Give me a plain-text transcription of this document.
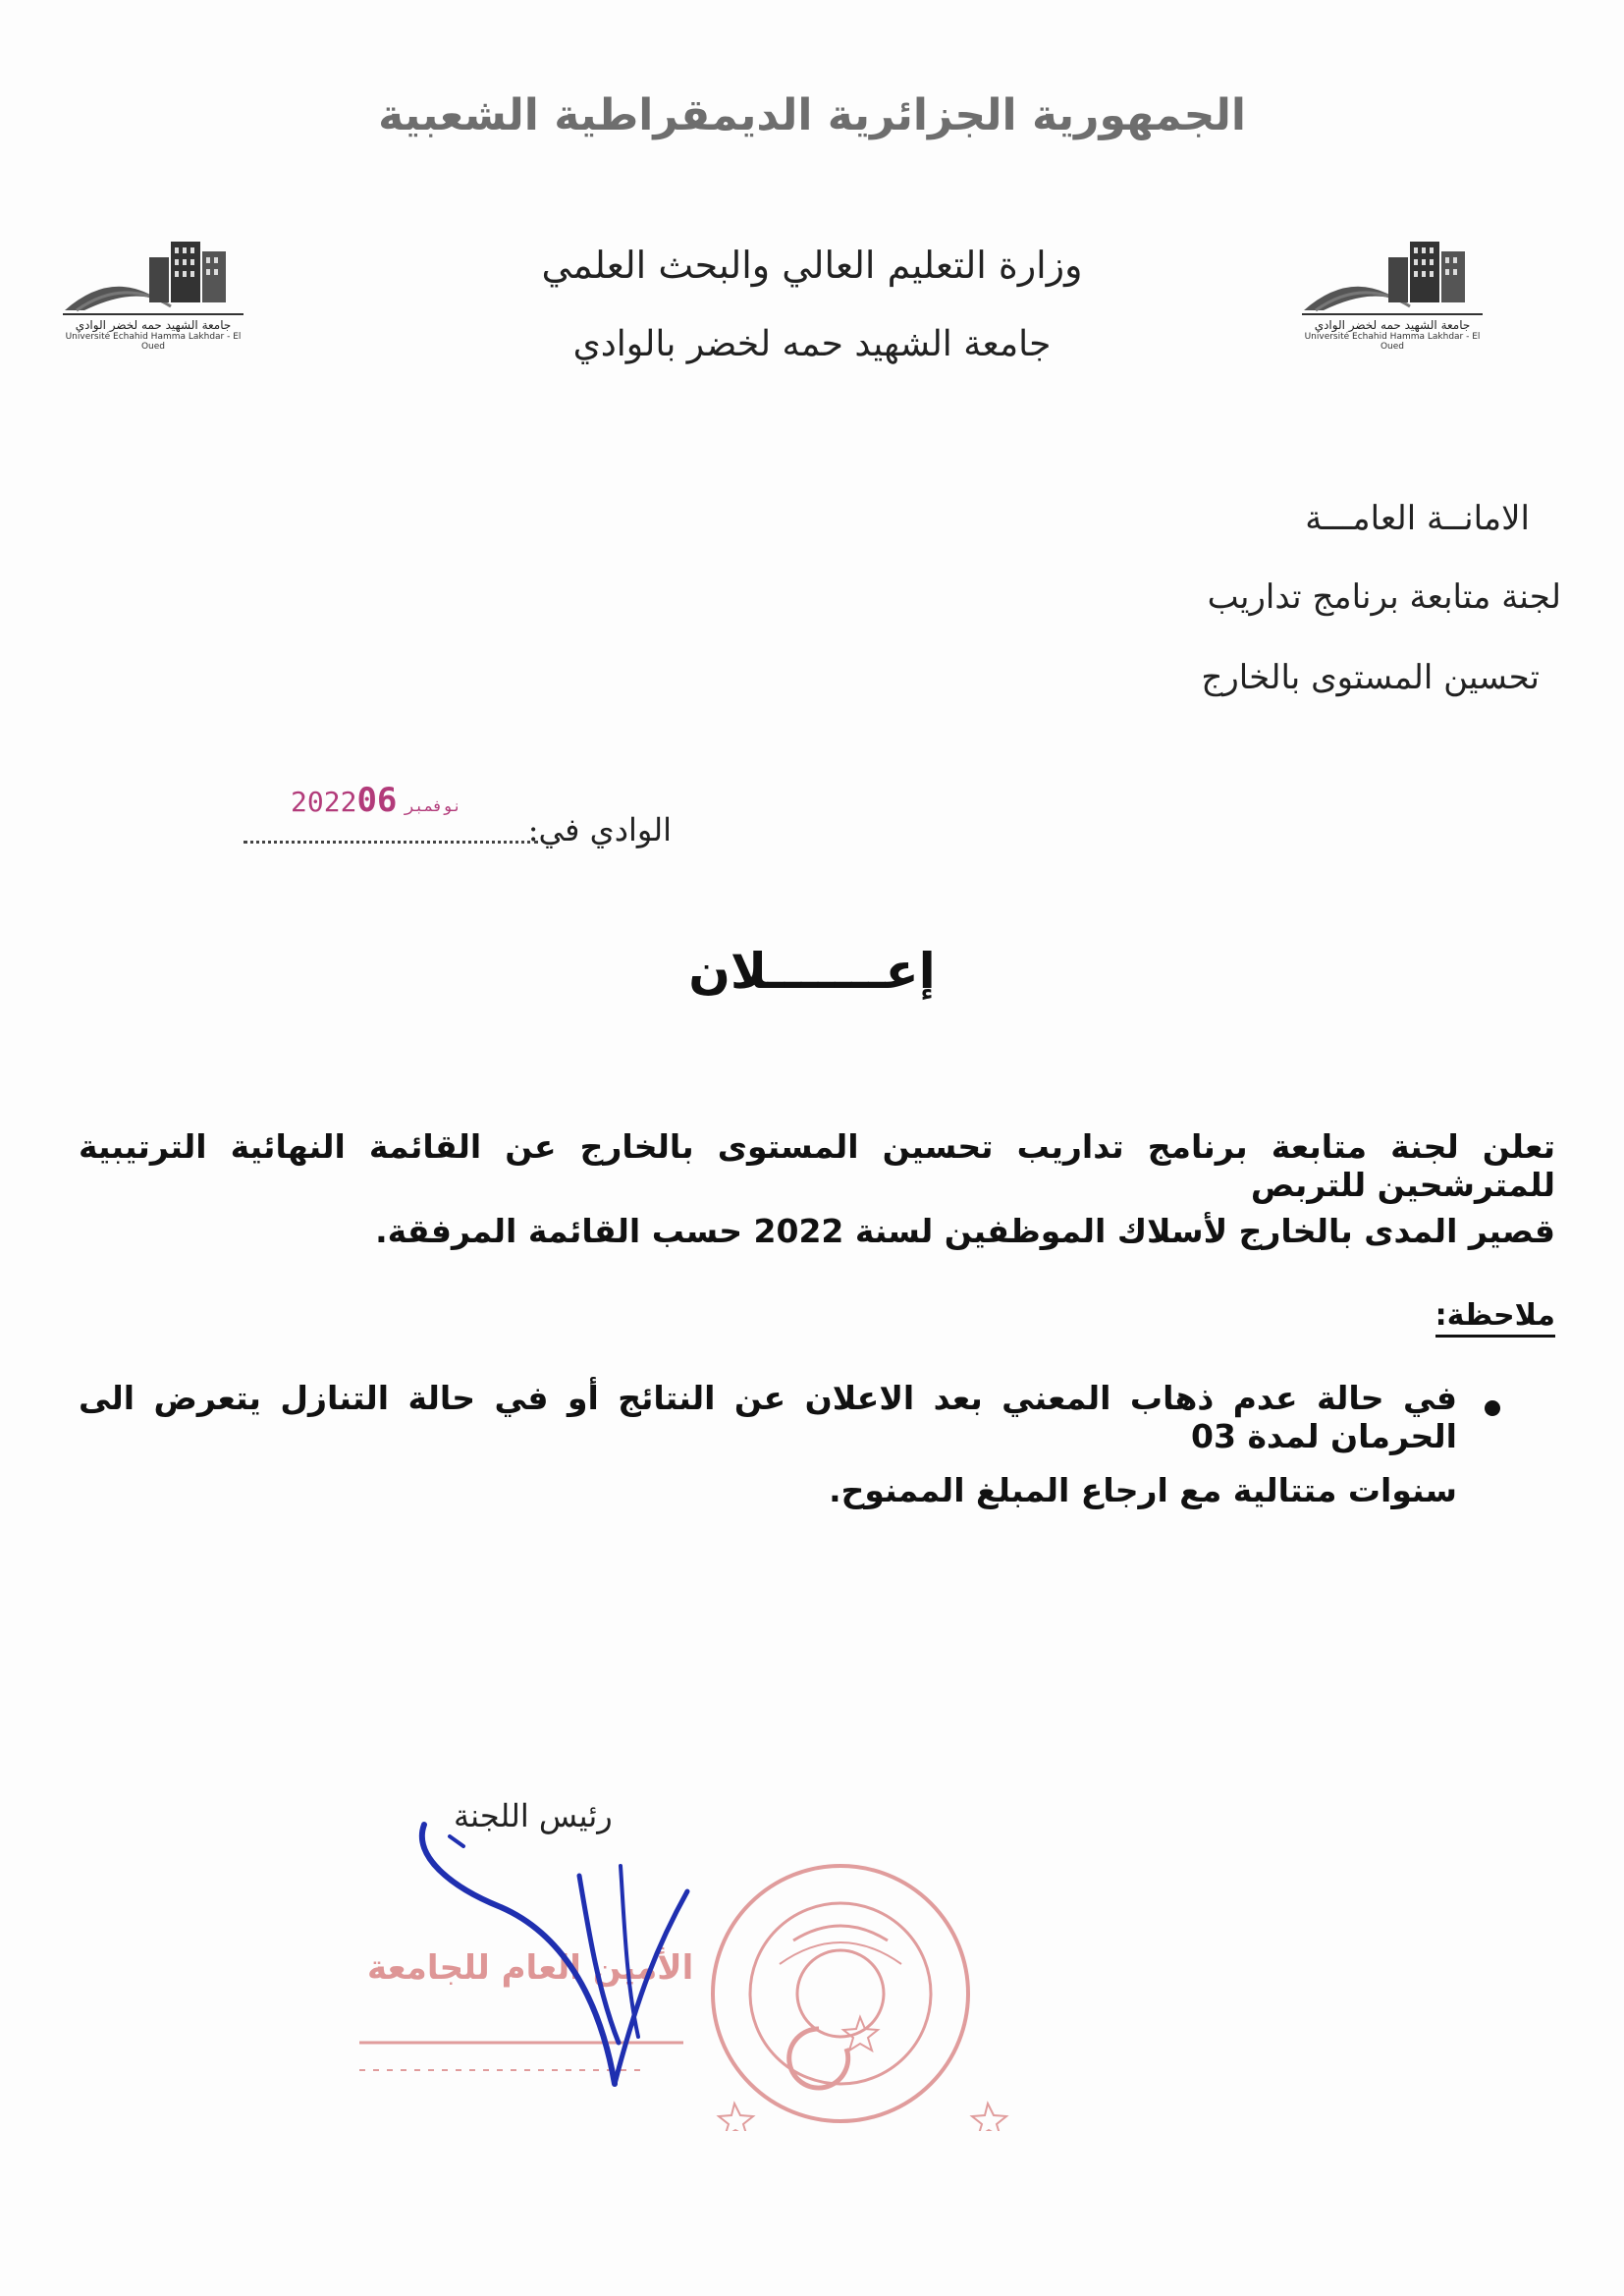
الجمهورية الجزائرية الديمقراطية الشعبية
وزارة التعليم العالي والبحث العلمي
جامعة الشهيد حمه لخضر بالوادي
جامعة الشهيد حمه لخضر الوادي
Université Echahid Hamma Lakhdar - El Oued
جامعة الشهيد حمه لخضر الوادي
Université Echahid Hamma Lakhdar - El Oued
الامانــة العامـــة
لجنة متابعة برنامج تداريب
تحسين المستوى بالخارج
2022	نوفمبر06
الوادي في:
إعـــــــلان
تعلن لجنة متابعة برنامج تداريب تحسين المستوى بالخارج عن القائمة النهائية الترتيبية للمترشحين للتربص
قصير المدى بالخارج لأسلاك الموظفين لسنة 2022 حسب القائمة المرفقة.
ملاحظة:
في حالة عدم ذهاب المعني بعد الاعلان عن النتائج أو في حالة التنازل يتعرض الى الحرمان لمدة 03
سنوات متتالية مع ارجاع المبلغ الممنوح.
رئيس اللجنة
الأمين العام للجامعة
